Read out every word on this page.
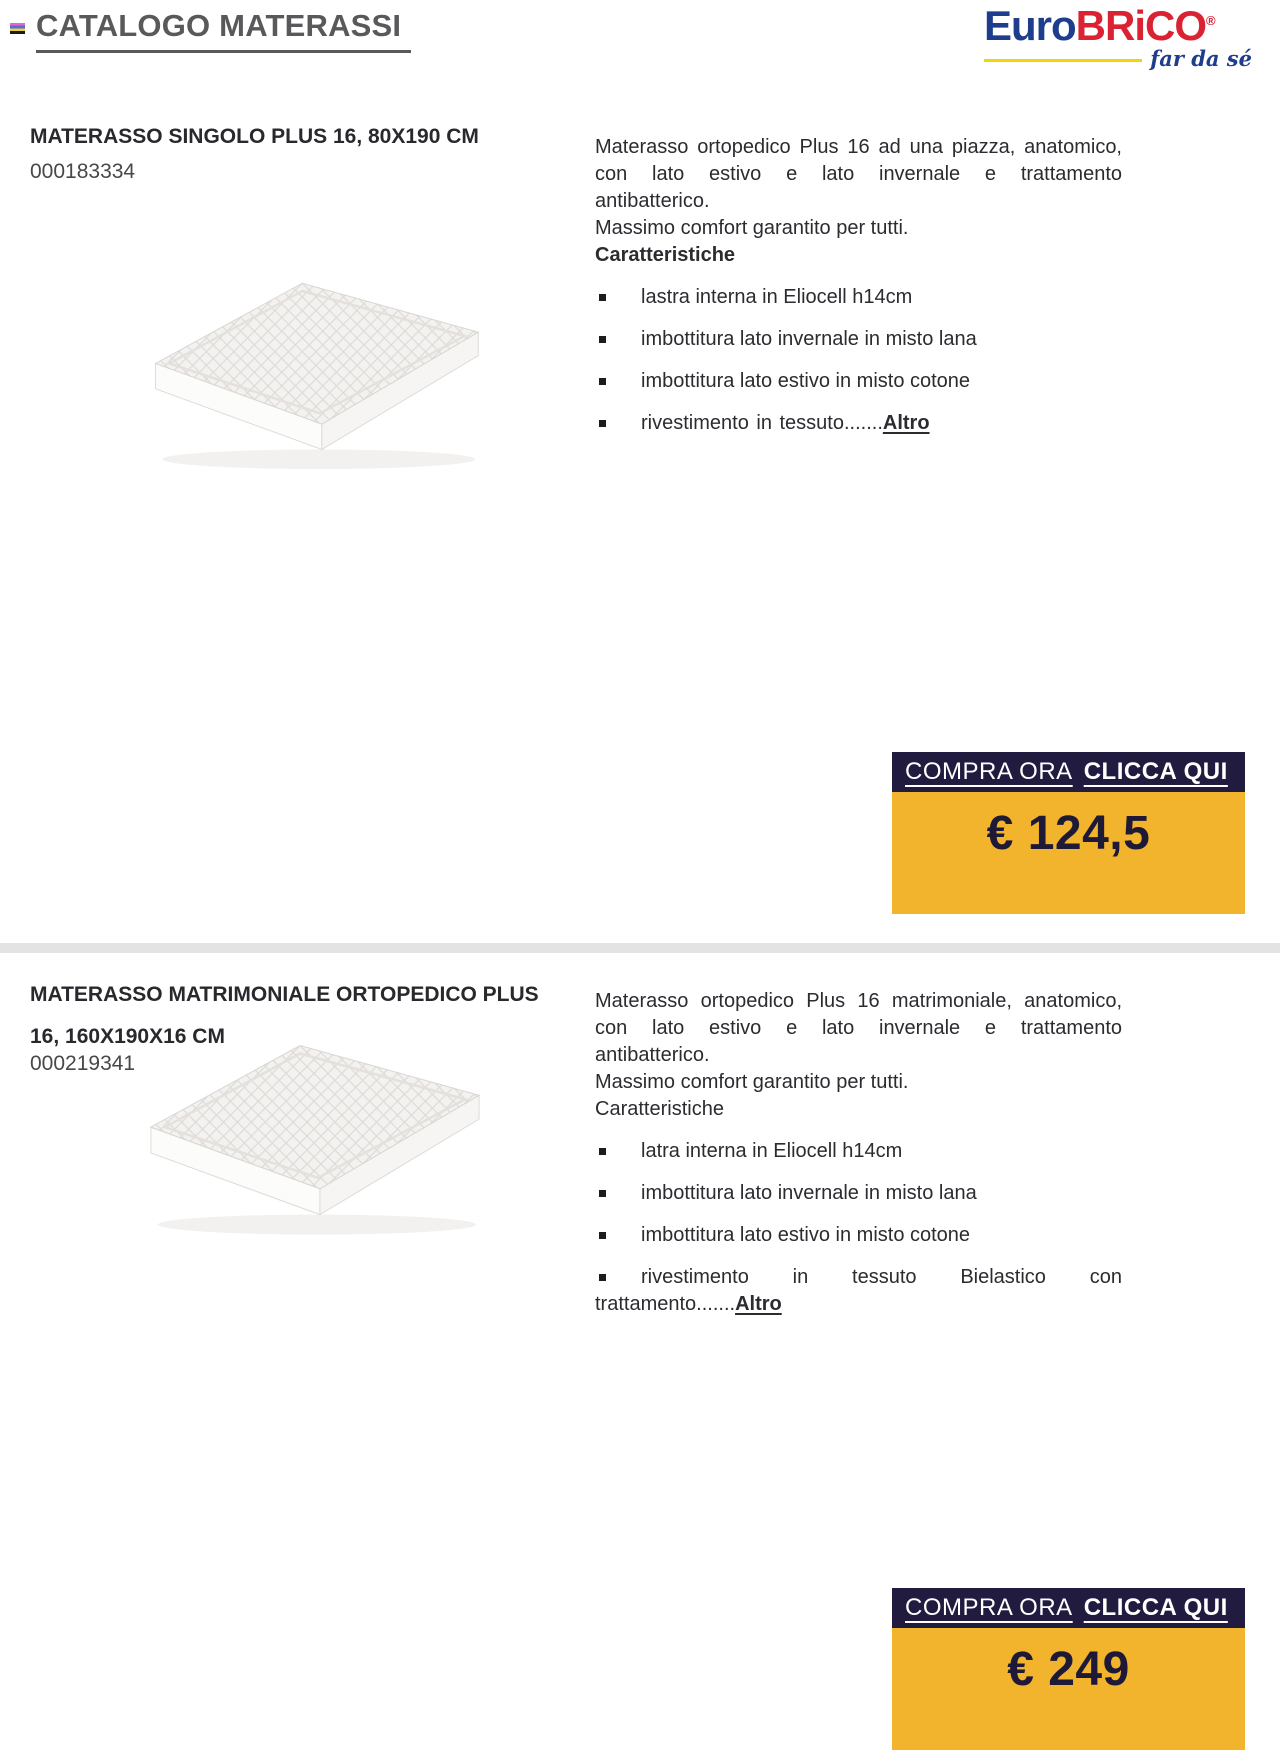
CATALOGO MATERASSI	EuroBRiCO®
far da sé
MATERASSO SINGOLO PLUS 16, 80X190 CM
000183334

Materasso ortopedico Plus 16 ad una piazza, anatomico, con lato estivo e lato invernale e trattamento antibatterico.

Massimo comfort garantito per tutti.

Caratteristiche

lastra interna in Eliocell h14cm
imbottitura lato invernale in misto lana
imbottitura lato estivo in misto cotone
rivestimento in tessuto.......Altro
COMPRA ORA CLICCA QUI
€ 124,5
MATERASSO MATRIMONIALE ORTOPEDICO PLUS
16, 160X190X16 CM
000219341

Materasso ortopedico Plus 16 matrimoniale, anatomico, con lato estivo e lato invernale e trattamento antibatterico.

Massimo comfort garantito per tutti.

Caratteristiche

latra interna in Eliocell h14cm
imbottitura lato invernale in misto lana
imbottitura lato estivo in misto cotone
rivestimento in tessuto Bielastico con trattamento.......Altro
COMPRA ORA CLICCA QUI
€ 249
